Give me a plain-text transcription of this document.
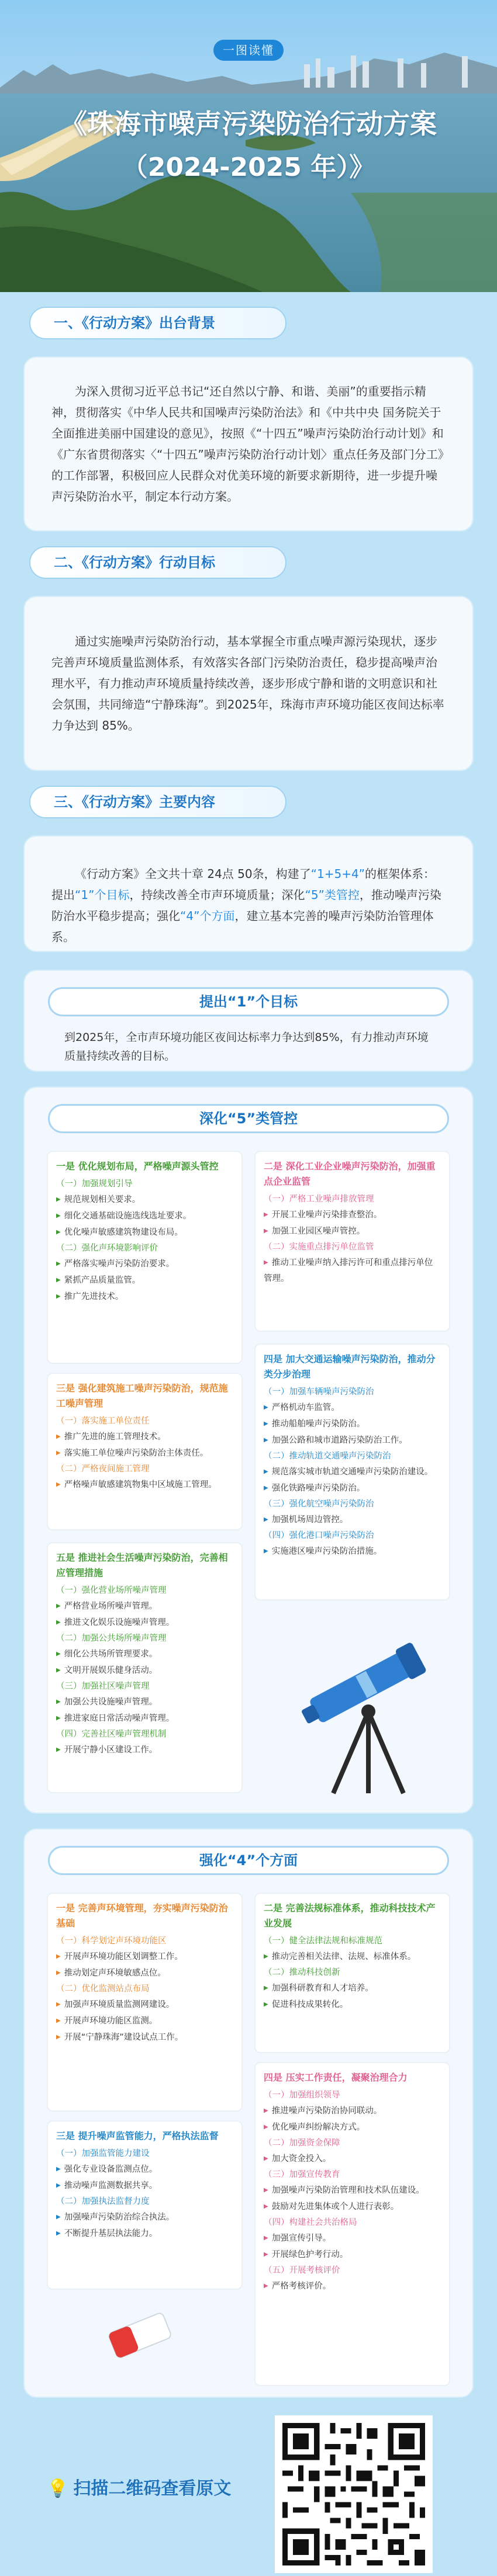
一图读懂
《珠海市噪声污染防治行动方案
（2024-2025 年）》
一、《行动方案》出台背景
为深入贯彻习近平总书记“还自然以宁静、和谐、美丽”的重要指示精神，贯彻落实《中华人民共和国噪声污染防治法》和《中共中央 国务院关于全面推进美丽中国建设的意见》，按照《“十四五”噪声污染防治行动计划》和《广东省贯彻落实〈“十四五”噪声污染防治行动计划〉重点任务及部门分工》的工作部署，积极回应人民群众对优美环境的新要求新期待，进一步提升噪声污染防治水平，制定本行动方案。
二、《行动方案》行动目标
通过实施噪声污染防治行动，基本掌握全市重点噪声源污染现状，逐步完善声环境质量监测体系，有效落实各部门污染防治责任，稳步提高噪声治理水平，有力推动声环境质量持续改善，逐步形成宁静和谐的文明意识和社会氛围，共同缔造“宁静珠海”。到2025年，珠海市声环境功能区夜间达标率力争达到 85%。
三、《行动方案》主要内容
《行动方案》全文共十章 24点 50条，构建了“1+5+4”的框架体系：提出“1”个目标，持续改善全市声环境质量；深化“5”类管控，推动噪声污染防治水平稳步提高；强化“4”个方面，建立基本完善的噪声污染防治管理体系。
提出“1”个目标
到2025年，全市声环境功能区夜间达标率力争达到85%，有力推动声环境质量持续改善的目标。
深化“5”类管控
一是 优化规划布局，严格噪声源头管控
（一）加强规划引导
▶ 规范规划相关要求。
▶ 细化交通基础设施选线选址要求。
▶ 优化噪声敏感建筑物建设布局。
（二）强化声环境影响评价
▶ 严格落实噪声污染防治要求。
▶ 紧抓产品质量监管。
▶ 推广先进技术。
二是 深化工业企业噪声污染防治，加强重点企业监管
（一）严格工业噪声排放管理
▶ 开展工业噪声污染排查整治。
▶ 加强工业园区噪声管控。
（二）实施重点排污单位监管
▶ 推动工业噪声纳入排污许可和重点排污单位管理。
三是 强化建筑施工噪声污染防治，规范施工噪声管理
（一）落实施工单位责任
▶ 推广先进的施工管理技术。
▶ 落实施工单位噪声污染防治主体责任。
（二）严格夜间施工管理
▶ 严格噪声敏感建筑物集中区域施工管理。
四是 加大交通运输噪声污染防治，推动分类分步治理
（一）加强车辆噪声污染防治
▶ 严格机动车监管。
▶ 推动船舶噪声污染防治。
▶ 加强公路和城市道路污染防治工作。
（二）推动轨道交通噪声污染防治
▶ 规范落实城市轨道交通噪声污染防治建设。
▶ 强化铁路噪声污染防治。
（三）强化航空噪声污染防治
▶ 加强机场周边管控。
（四）强化港口噪声污染防治
▶ 实施港区噪声污染防治措施。
五是 推进社会生活噪声污染防治，完善相应管理措施
（一）强化营业场所噪声管理
▶ 严格营业场所噪声管理。
▶ 推进文化娱乐设施噪声管理。
（二）加强公共场所噪声管理
▶ 细化公共场所管理要求。
▶ 文明开展娱乐健身活动。
（三）加强社区噪声管理
▶ 加强公共设施噪声管理。
▶ 推进家庭日常活动噪声管理。
（四）完善社区噪声管理机制
▶ 开展宁静小区建设工作。
强化“4”个方面
一是 完善声环境管理，夯实噪声污染防治基础
（一）科学划定声环境功能区
▶ 开展声环境功能区划调整工作。
▶ 推动划定声环境敏感点位。
（二）优化监测站点布局
▶ 加强声环境质量监测网建设。
▶ 开展声环境功能区监测。
▶ 开展“宁静珠海”建设试点工作。
二是 完善法规标准体系，推动科技技术产业发展
（一）健全法律法规和标准规范
▶ 推动完善相关法律、法规、标准体系。
（二）推动科技创新
▶ 加强科研教育和人才培养。
▶ 促进科技成果转化。
三是 提升噪声监管能力，严格执法监督
（一）加强监管能力建设
▶ 强化专业设备监测点位。
▶ 推动噪声监测数据共享。
（二）加强执法监督力度
▶ 加强噪声污染防治综合执法。
▶ 不断提升基层执法能力。
四是 压实工作责任，凝聚治理合力
（一）加强组织领导
▶ 推进噪声污染防治协同联动。
▶ 优化噪声纠纷解决方式。
（二）加强资金保障
▶ 加大资金投入。
（三）加强宣传教育
▶ 加强噪声污染防治管理和技术队伍建设。
▶ 鼓励对先进集体或个人进行表彰。
（四）构建社会共治格局
▶ 加强宣传引导。
▶ 开展绿色护考行动。
（五）开展考核评价
▶ 严格考核评价。
💡 扫描二维码查看原文
